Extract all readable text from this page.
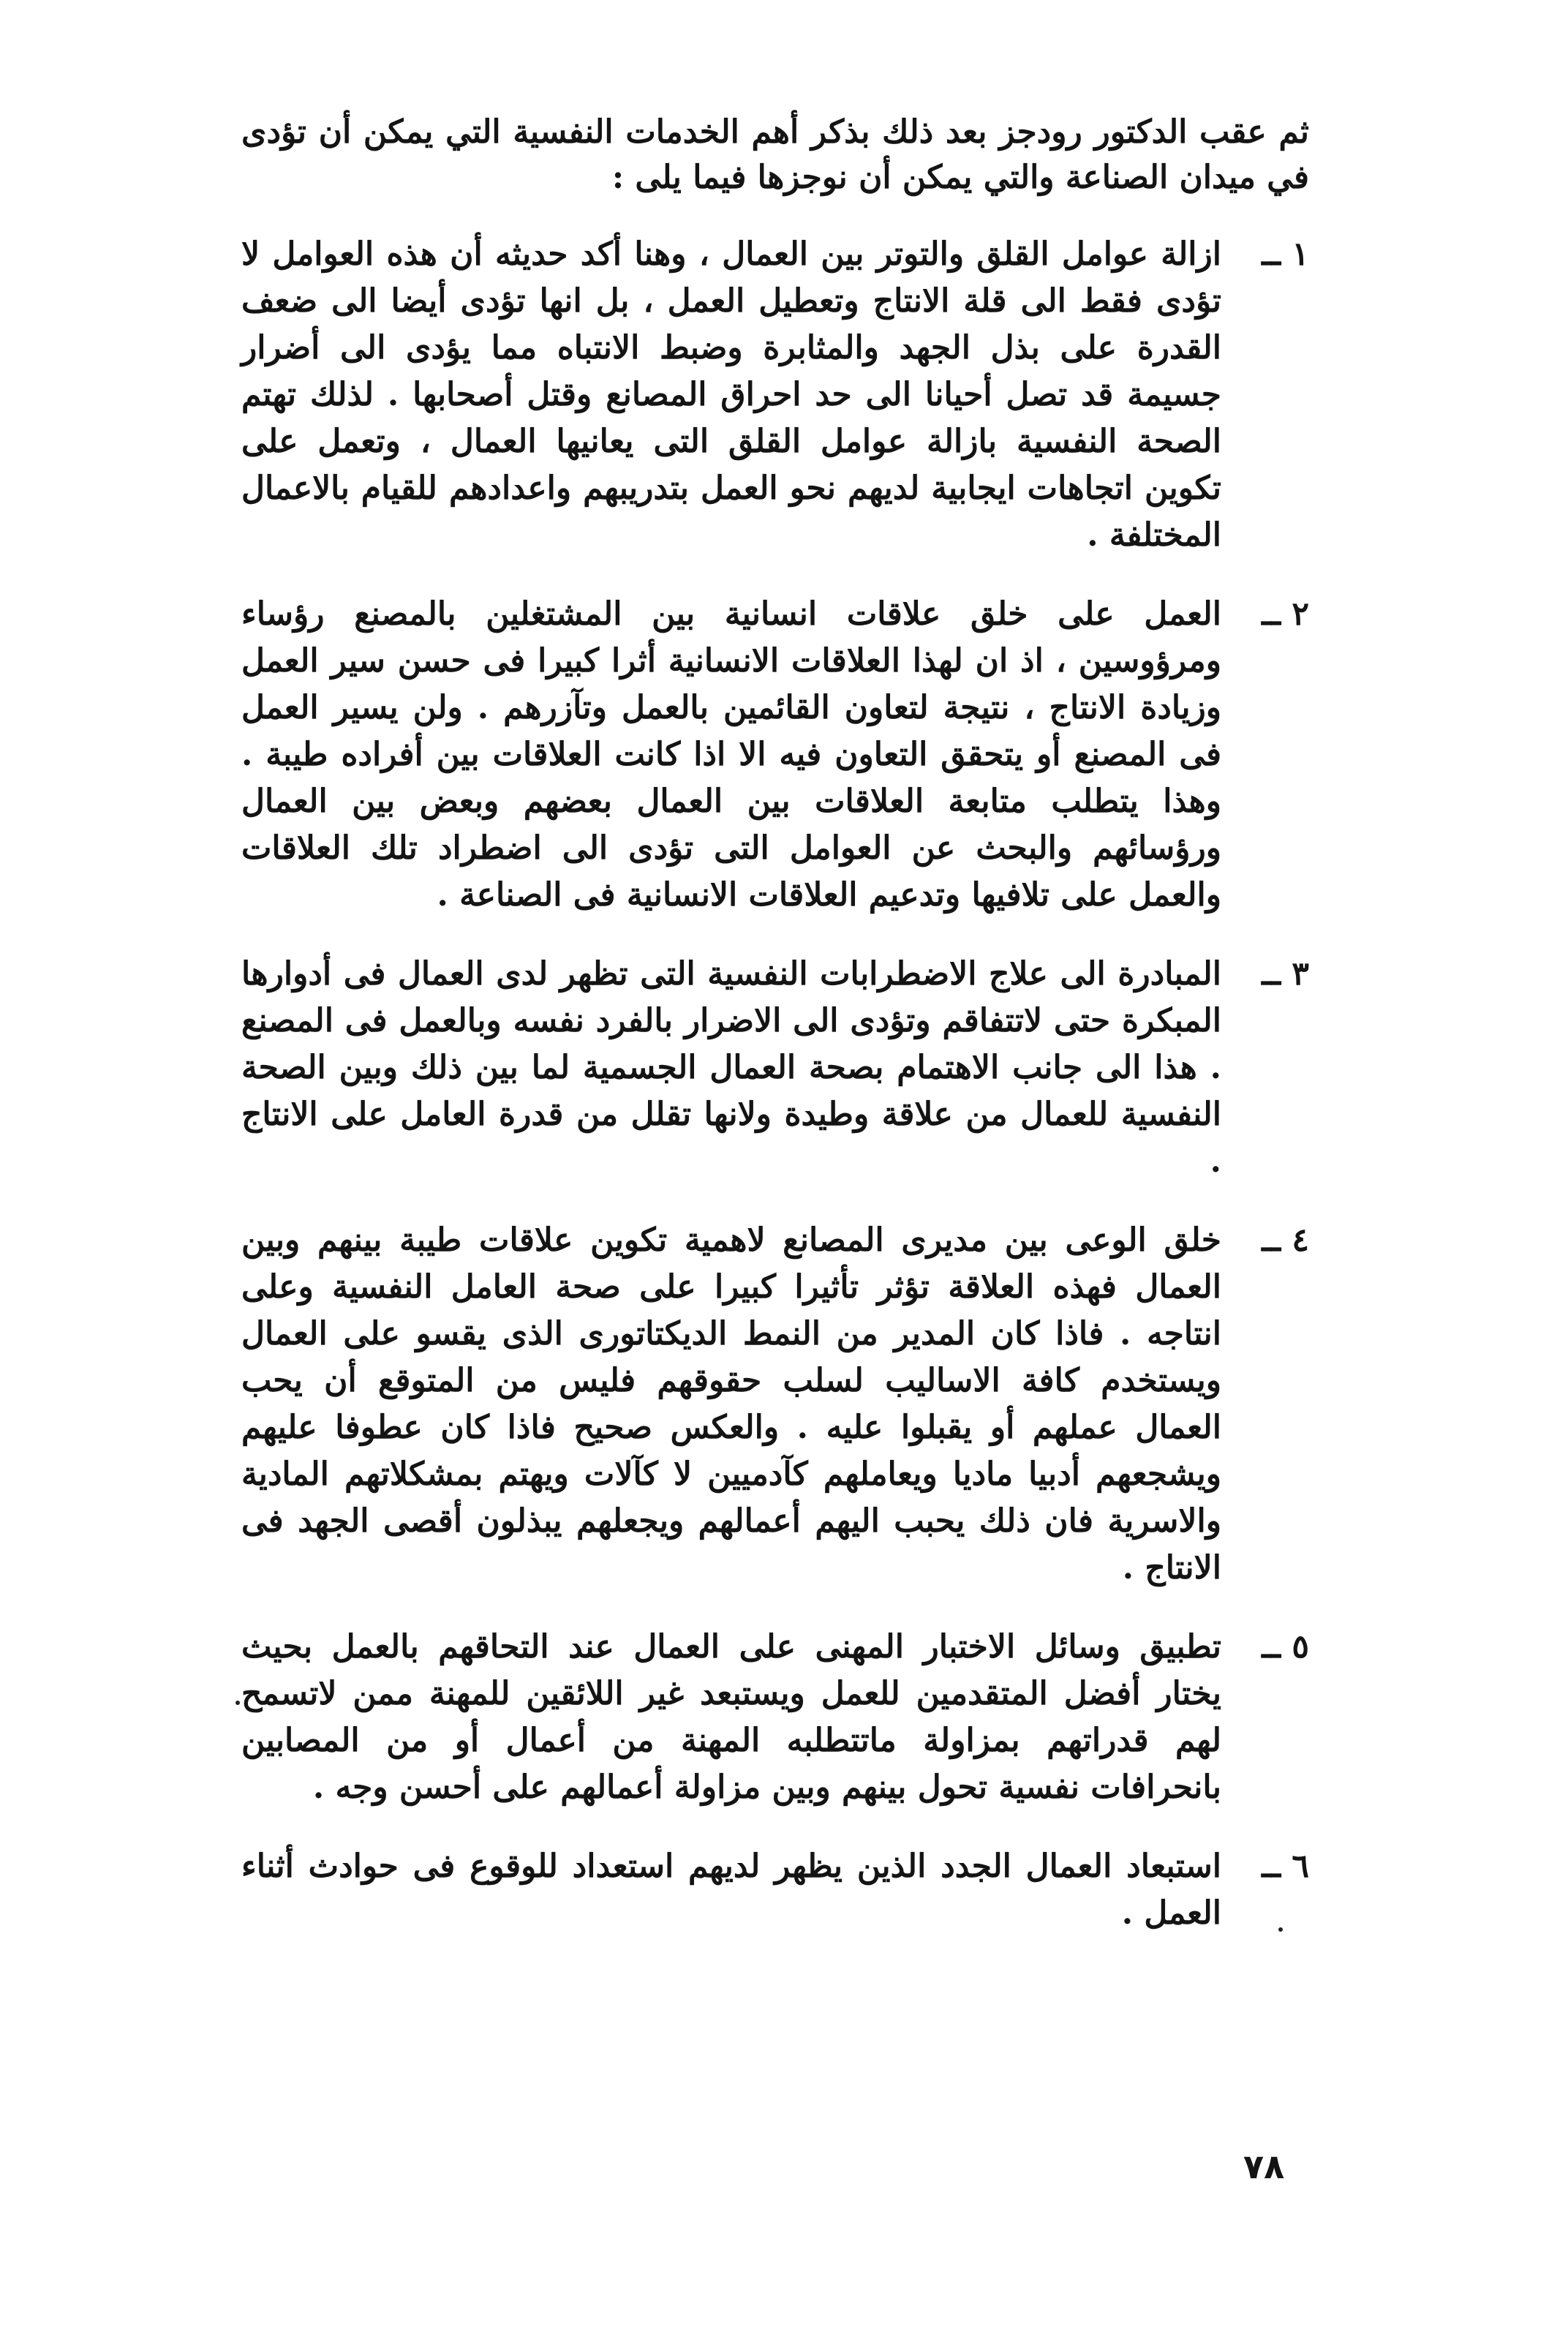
ثم عقب الدكتور رودجز بعد ذلك بذكر أهم الخدمات النفسية التي يمكن أن تؤدى في ميدان الصناعة والتي يمكن أن نوجزها فيما يلى :

١ ــ
ازالة عوامل القلق والتوتر بين العمال ، وهنا أكد حديثه أن هذه العوامل لا تؤدى فقط الى قلة الانتاج وتعطيل العمل ، بل انها تؤدى أيضا الى ضعف القدرة على بذل الجهد والمثابرة وضبط الانتباه مما يؤدى الى أضرار جسيمة قد تصل أحيانا الى حد احراق المصانع وقتل أصحابها . لذلك تهتم الصحة النفسية بازالة عوامل القلق التى يعانيها العمال ، وتعمل على تكوين اتجاهات ايجابية لديهم نحو العمل بتدريبهم واعدادهم للقيام بالاعمال المختلفة .
٢ ــ
العمل على خلق علاقات انسانية بين المشتغلين بالمصنع رؤساء ومرؤوسين ، اذ ان لهذا العلاقات الانسانية أثرا كبيرا فى حسن سير العمل وزيادة الانتاج ، نتيجة لتعاون القائمين بالعمل وتآزرهم . ولن يسير العمل فى المصنع أو يتحقق التعاون فيه الا اذا كانت العلاقات بين أفراده طيبة . وهذا يتطلب متابعة العلاقات بين العمال بعضهم وبعض بين العمال ورؤسائهم والبحث عن العوامل التى تؤدى الى اضطراد تلك العلاقات والعمل على تلافيها وتدعيم العلاقات الانسانية فى الصناعة .
٣ ــ
المبادرة الى علاج الاضطرابات النفسية التى تظهر لدى العمال فى أدوارها المبكرة حتى لاتتفاقم وتؤدى الى الاضرار بالفرد نفسه وبالعمل فى المصنع . هذا الى جانب الاهتمام بصحة العمال الجسمية لما بين ذلك وبين الصحة النفسية للعمال من علاقة وطيدة ولانها تقلل من قدرة العامل على الانتاج .
٤ ــ
خلق الوعى بين مديرى المصانع لاهمية تكوين علاقات طيبة بينهم وبين العمال فهذه العلاقة تؤثر تأثيرا كبيرا على صحة العامل النفسية وعلى انتاجه . فاذا كان المدير من النمط الديكتاتورى الذى يقسو على العمال ويستخدم كافة الاساليب لسلب حقوقهم فليس من المتوقع أن يحب العمال عملهم أو يقبلوا عليه . والعكس صحيح فاذا كان عطوفا عليهم ويشجعهم أدبيا ماديا ويعاملهم كآدميين لا كآلات ويهتم بمشكلاتهم المادية والاسرية فان ذلك يحبب اليهم أعمالهم ويجعلهم يبذلون أقصى الجهد فى الانتاج .
٥ ــ
تطبيق وسائل الاختبار المهنى على العمال عند التحاقهم بالعمل بحيث يختار أفضل المتقدمين للعمل ويستبعد غير اللائقين للمهنة ممن لاتسمح لهم قدراتهم بمزاولة ماتتطلبه المهنة من أعمال أو من المصابين بانحرافات نفسية تحول بينهم وبين مزاولة أعمالهم على أحسن وجه .
٦ ــ
استبعاد العمال الجدد الذين يظهر لديهم استعداد للوقوع فى حوادث أثناء العمل .
٧٨
